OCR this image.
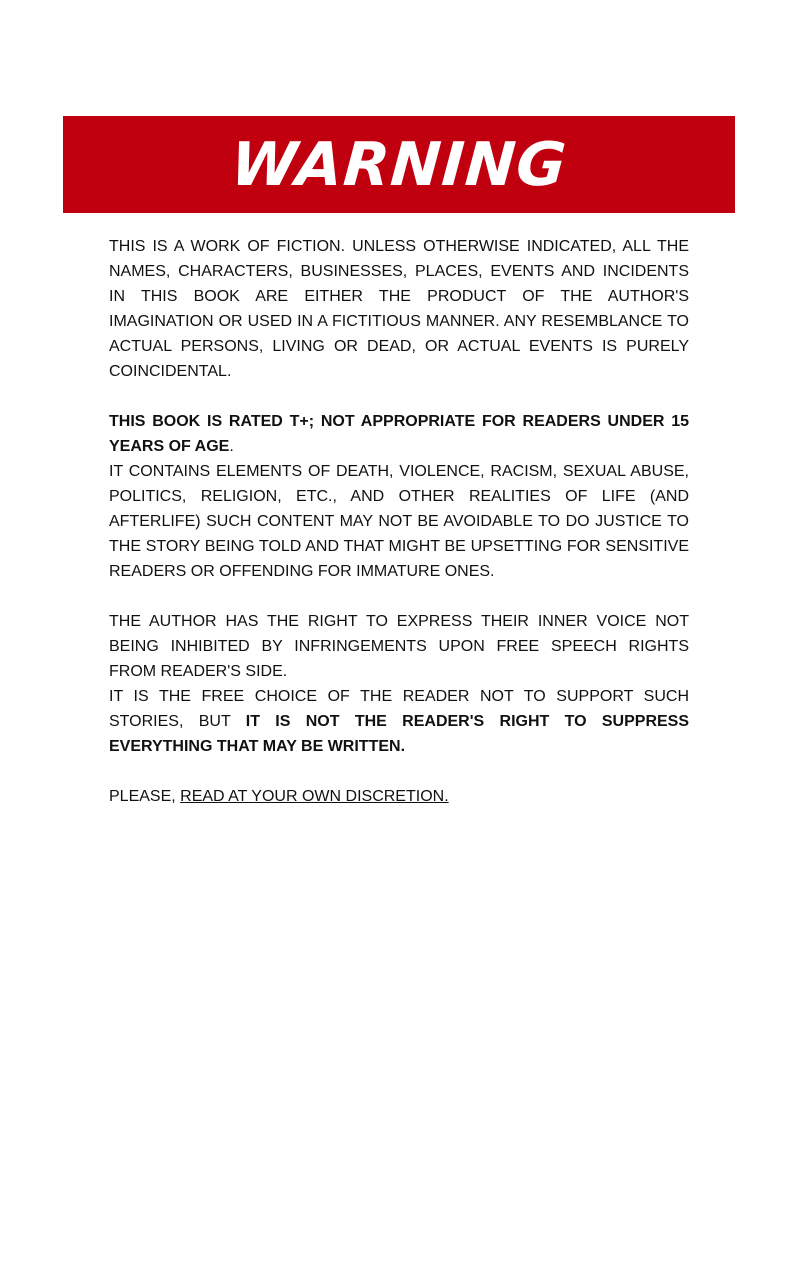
WARNING

THIS IS A WORK OF FICTION. UNLESS OTHERWISE INDICATED, ALL THE NAMES, CHARACTERS, BUSINESSES, PLACES, EVENTS AND INCIDENTS IN THIS BOOK ARE EITHER THE PRODUCT OF THE AUTHOR'S IMAGINATION OR USED IN A FICTITIOUS MANNER. ANY RESEMBLANCE TO ACTUAL PERSONS, LIVING OR DEAD, OR ACTUAL EVENTS IS PURELY COINCIDENTAL.

THIS BOOK IS RATED T+; NOT APPROPRIATE FOR READERS UNDER 15 YEARS OF AGE.

IT CONTAINS ELEMENTS OF DEATH, VIOLENCE, RACISM, SEXUAL ABUSE, POLITICS, RELIGION, ETC., AND OTHER REALITIES OF LIFE (AND AFTERLIFE) SUCH CONTENT MAY NOT BE AVOIDABLE TO DO JUSTICE TO THE STORY BEING TOLD AND THAT MIGHT BE UPSETTING FOR SENSITIVE READERS OR OFFENDING FOR IMMATURE ONES.

THE AUTHOR HAS THE RIGHT TO EXPRESS THEIR INNER VOICE NOT BEING INHIBITED BY INFRINGEMENTS UPON FREE SPEECH RIGHTS FROM READER'S SIDE.

IT IS THE FREE CHOICE OF THE READER NOT TO SUPPORT SUCH STORIES, BUT IT IS NOT THE READER'S RIGHT TO SUPPRESS EVERYTHING THAT MAY BE WRITTEN.

PLEASE, READ AT YOUR OWN DISCRETION.
